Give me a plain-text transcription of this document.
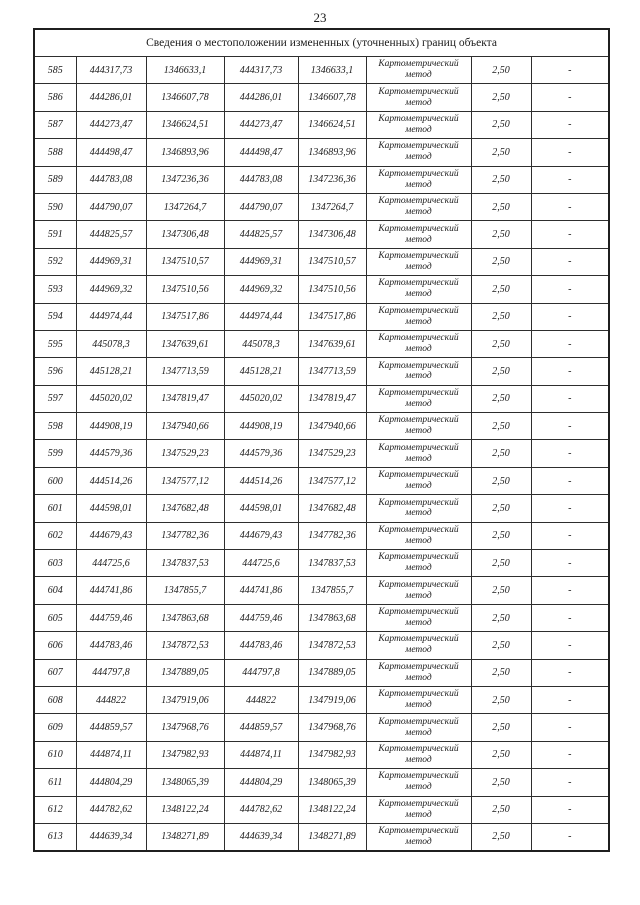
23
Сведения о местоположении измененных (уточненных) границ объекта							
585	444317,73	1346633,1	444317,73	1346633,1	Картометрический
метод	2,50	-
586	444286,01	1346607,78	444286,01	1346607,78	Картометрический
метод	2,50	-
587	444273,47	1346624,51	444273,47	1346624,51	Картометрический
метод	2,50	-
588	444498,47	1346893,96	444498,47	1346893,96	Картометрический
метод	2,50	-
589	444783,08	1347236,36	444783,08	1347236,36	Картометрический
метод	2,50	-
590	444790,07	1347264,7	444790,07	1347264,7	Картометрический
метод	2,50	-
591	444825,57	1347306,48	444825,57	1347306,48	Картометрический
метод	2,50	-
592	444969,31	1347510,57	444969,31	1347510,57	Картометрический
метод	2,50	-
593	444969,32	1347510,56	444969,32	1347510,56	Картометрический
метод	2,50	-
594	444974,44	1347517,86	444974,44	1347517,86	Картометрический
метод	2,50	-
595	445078,3	1347639,61	445078,3	1347639,61	Картометрический
метод	2,50	-
596	445128,21	1347713,59	445128,21	1347713,59	Картометрический
метод	2,50	-
597	445020,02	1347819,47	445020,02	1347819,47	Картометрический
метод	2,50	-
598	444908,19	1347940,66	444908,19	1347940,66	Картометрический
метод	2,50	-
599	444579,36	1347529,23	444579,36	1347529,23	Картометрический
метод	2,50	-
600	444514,26	1347577,12	444514,26	1347577,12	Картометрический
метод	2,50	-
601	444598,01	1347682,48	444598,01	1347682,48	Картометрический
метод	2,50	-
602	444679,43	1347782,36	444679,43	1347782,36	Картометрический
метод	2,50	-
603	444725,6	1347837,53	444725,6	1347837,53	Картометрический
метод	2,50	-
604	444741,86	1347855,7	444741,86	1347855,7	Картометрический
метод	2,50	-
605	444759,46	1347863,68	444759,46	1347863,68	Картометрический
метод	2,50	-
606	444783,46	1347872,53	444783,46	1347872,53	Картометрический
метод	2,50	-
607	444797,8	1347889,05	444797,8	1347889,05	Картометрический
метод	2,50	-
608	444822	1347919,06	444822	1347919,06	Картометрический
метод	2,50	-
609	444859,57	1347968,76	444859,57	1347968,76	Картометрический
метод	2,50	-
610	444874,11	1347982,93	444874,11	1347982,93	Картометрический
метод	2,50	-
611	444804,29	1348065,39	444804,29	1348065,39	Картометрический
метод	2,50	-
612	444782,62	1348122,24	444782,62	1348122,24	Картометрический
метод	2,50	-
613	444639,34	1348271,89	444639,34	1348271,89	Картометрический
метод	2,50	-
